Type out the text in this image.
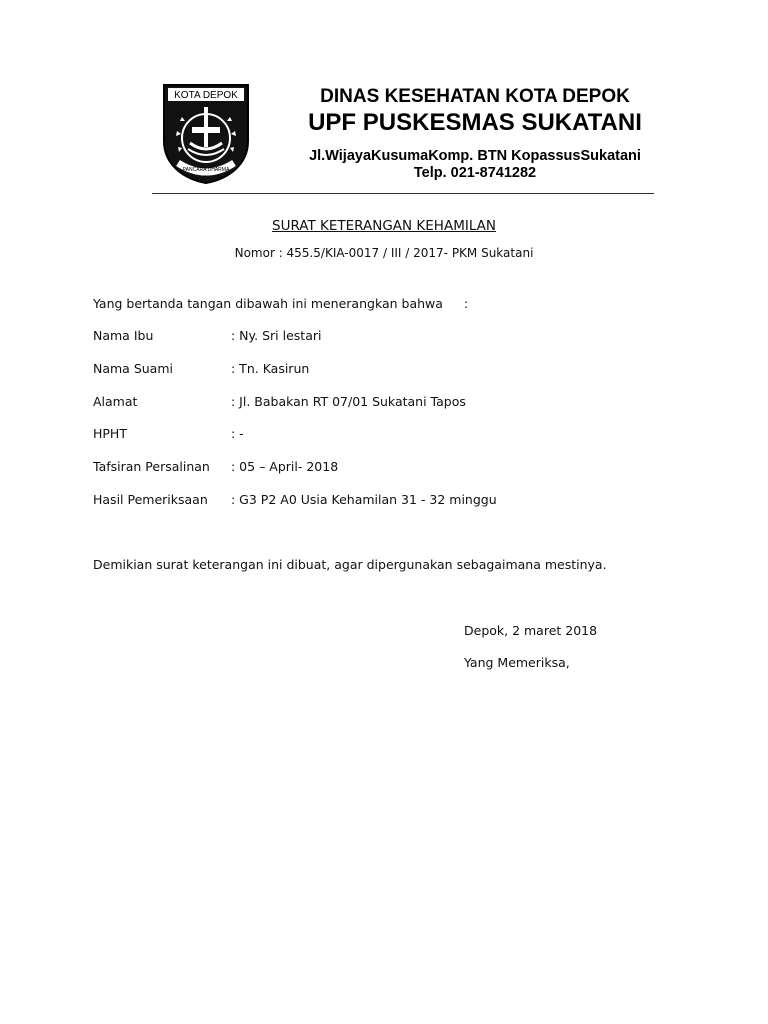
KOTA DEPOK
PANCARA DHARMA
DINAS KESEHATAN KOTA DEPOK
UPF PUSKESMAS SUKATANI
Jl.WijayaKusumaKomp. BTN KopassusSukatani
Telp. 021-8741282
SURAT KETERANGAN KEHAMILAN
Nomor : 455.5/KIA-0017 / III / 2017- PKM Sukatani
Yang bertanda tangan dibawah ini menerangkan bahwa :
Nama Ibu	: Ny. Sri lestari
Nama Suami	: Tn. Kasirun
Alamat	: Jl. Babakan RT 07/01 Sukatani Tapos
HPHT	: -
Tafsiran Persalinan : 05 – April- 2018
Hasil Pemeriksaan : G3 P2 A0 Usia Kehamilan 31 - 32 minggu
Demikian surat keterangan ini dibuat, agar dipergunakan sebagaimana mestinya.
Depok, 2 maret 2018
Yang Memeriksa,
